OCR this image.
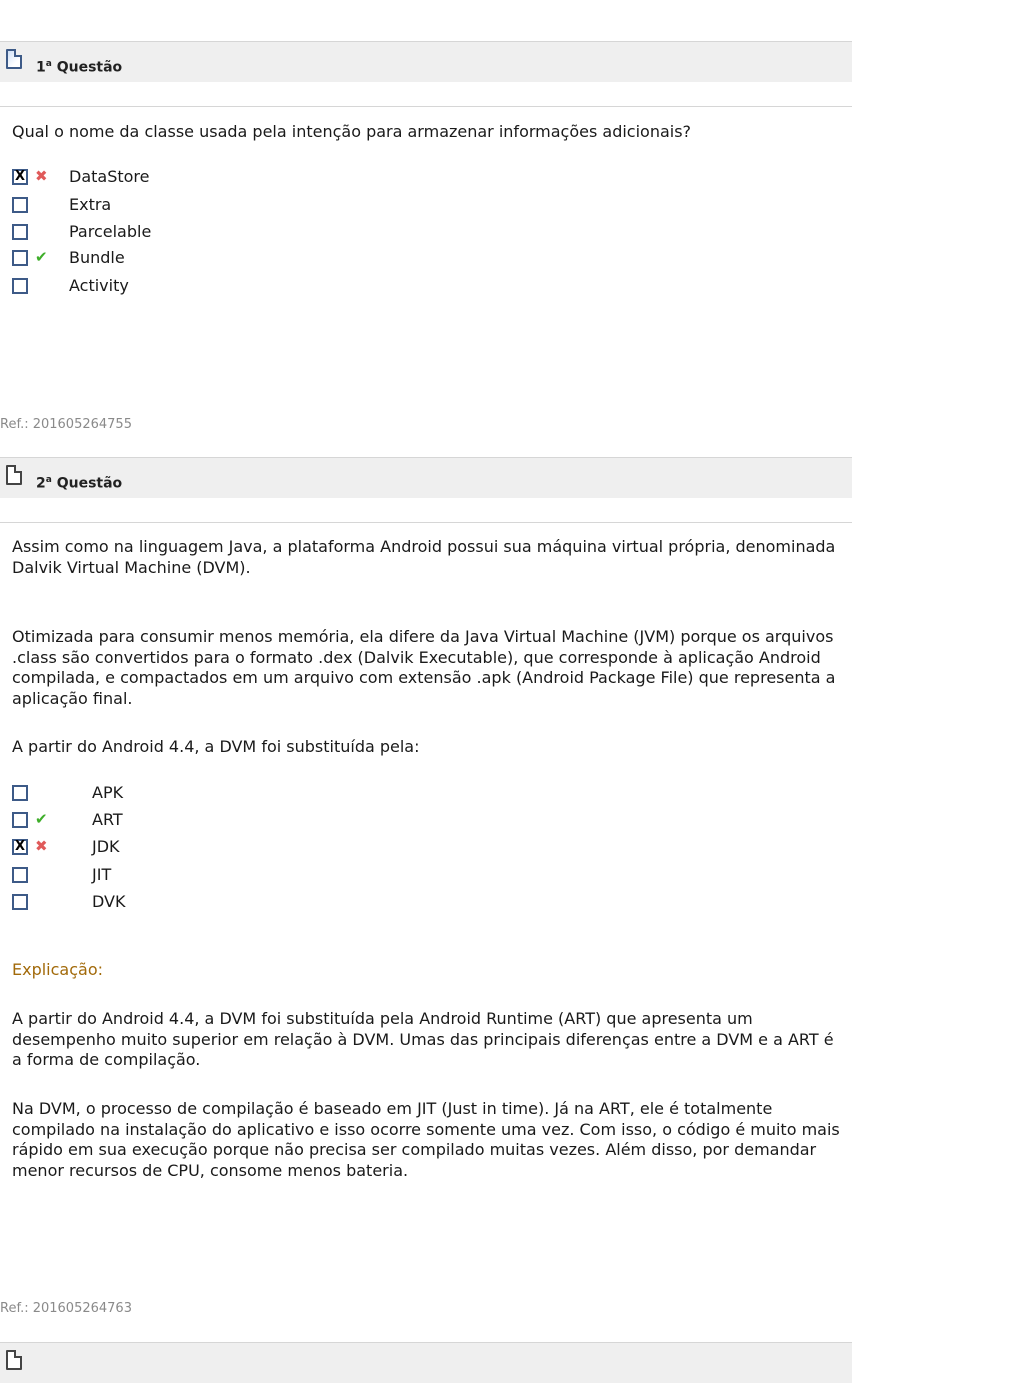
1$^a$ Questão
Qual o nome da classe usada pela intenção para armazenar informações adicionais?
X ✖ DataStore
Extra
Parcelable
✔ Bundle
Activity
Ref.: 201605264755
2$^a$ Questão
Assim como na linguagem Java, a plataforma Android possui sua máquina virtual própria, denominada Dalvik Virtual Machine (DVM).
Otimizada para consumir menos memória, ela difere da Java Virtual Machine (JVM) porque os arquivos .class são convertidos para o formato .dex (Dalvik Executable), que corresponde à aplicação Android compilada, e compactados em um arquivo com extensão .apk (Android Package File) que representa a aplicação final.
A partir do Android 4.4, a DVM foi substituída pela:
APK
✔	ART
X ✖	JDK
JIT
DVK
Explicação:
A partir do Android 4.4, a DVM foi substituída pela Android Runtime (ART) que apresenta um desempenho muito superior em relação à DVM. Umas das principais diferenças entre a DVM e a ART é a forma de compilação.
Na DVM, o processo de compilação é baseado em JIT (Just in time). Já na ART, ele é totalmente compilado na instalação do aplicativo e isso ocorre somente uma vez. Com isso, o código é muito mais rápido em sua execução porque não precisa ser compilado muitas vezes. Além disso, por demandar menor recursos de CPU, consome menos bateria.
Ref.: 201605264763
